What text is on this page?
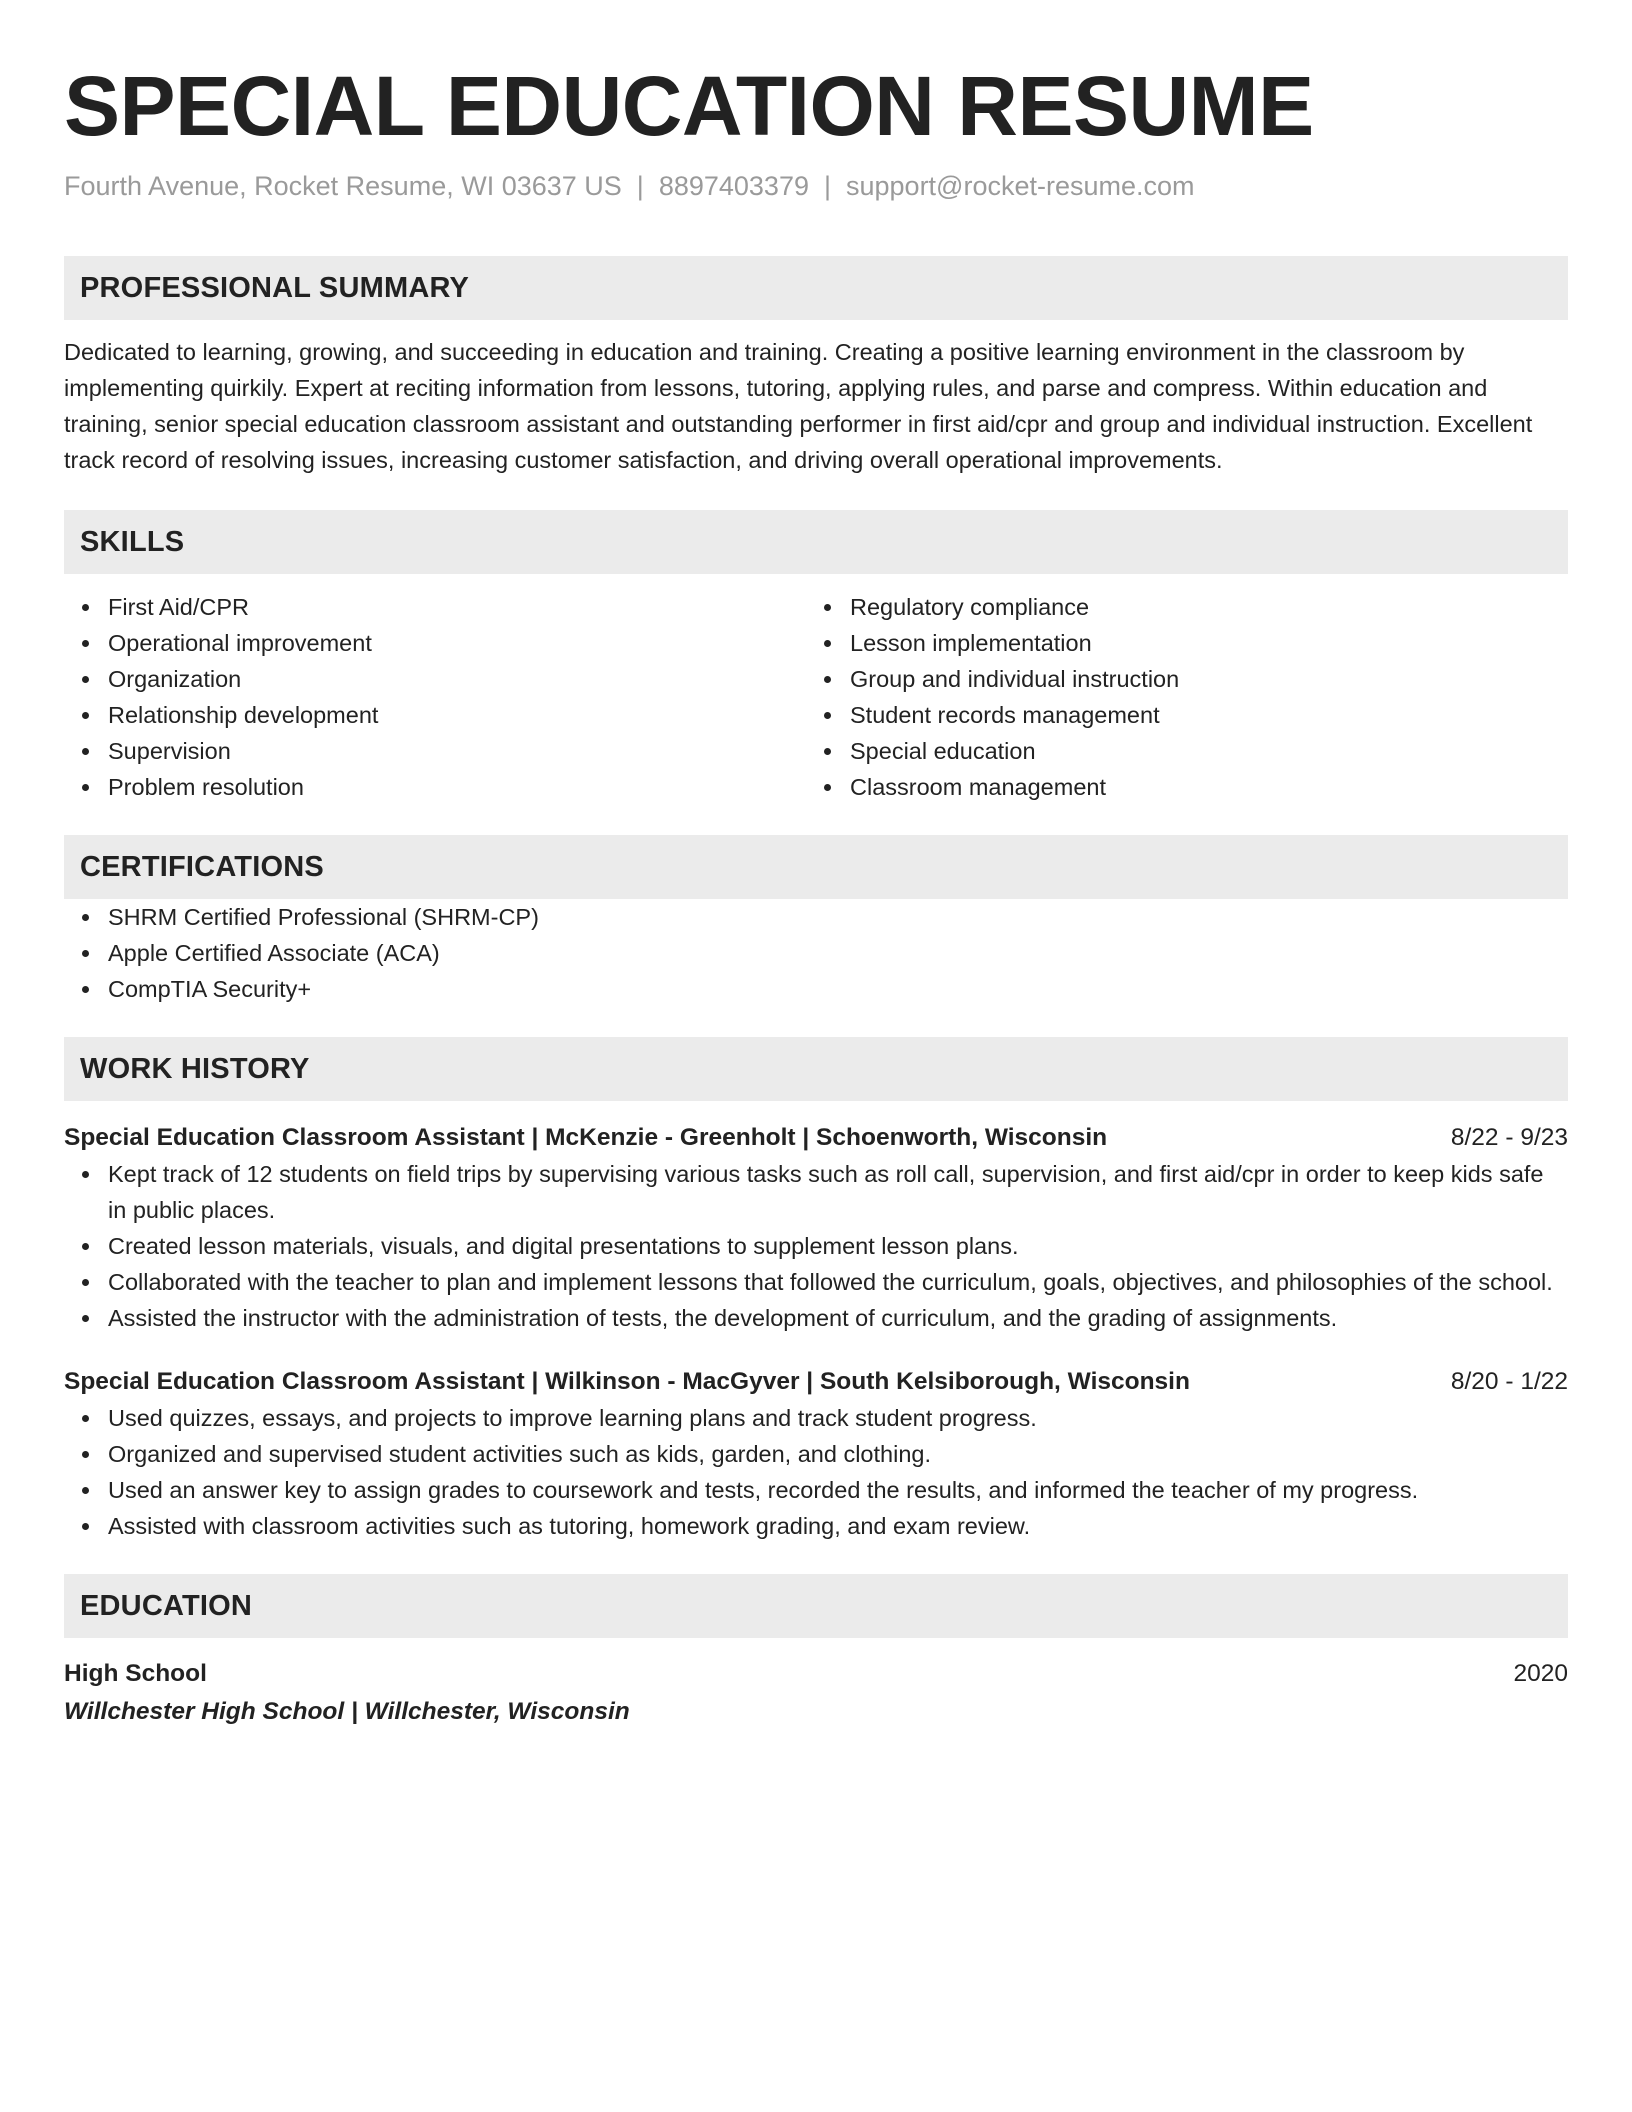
SPECIAL EDUCATION RESUME
Fourth Avenue, Rocket Resume, WI 03637 US | 8897403379 | support@rocket-resume.com
PROFESSIONAL SUMMARY
Dedicated to learning, growing, and succeeding in education and training. Creating a positive learning environment in the classroom by implementing quirkily. Expert at reciting information from lessons, tutoring, applying rules, and parse and compress. Within education and training, senior special education classroom assistant and outstanding performer in first aid/cpr and group and individual instruction. Excellent track record of resolving issues, increasing customer satisfaction, and driving overall operational improvements.
SKILLS
First Aid/CPR
Operational improvement
Organization
Relationship development
Supervision
Problem resolution
Regulatory compliance
Lesson implementation
Group and individual instruction
Student records management
Special education
Classroom management
CERTIFICATIONS
SHRM Certified Professional (SHRM-CP)
Apple Certified Associate (ACA)
CompTIA Security+
WORK HISTORY
Special Education Classroom Assistant | McKenzie - Greenholt | Schoenworth, Wisconsin	8/22 - 9/23
Kept track of 12 students on field trips by supervising various tasks such as roll call, supervision, and first aid/cpr in order to keep kids safe in public places.
Created lesson materials, visuals, and digital presentations to supplement lesson plans.
Collaborated with the teacher to plan and implement lessons that followed the curriculum, goals, objectives, and philosophies of the school.
Assisted the instructor with the administration of tests, the development of curriculum, and the grading of assignments.
Special Education Classroom Assistant | Wilkinson - MacGyver | South Kelsiborough, Wisconsin	8/20 - 1/22
Used quizzes, essays, and projects to improve learning plans and track student progress.
Organized and supervised student activities such as kids, garden, and clothing.
Used an answer key to assign grades to coursework and tests, recorded the results, and informed the teacher of my progress.
Assisted with classroom activities such as tutoring, homework grading, and exam review.
EDUCATION
High School	2020
Willchester High School | Willchester, Wisconsin
